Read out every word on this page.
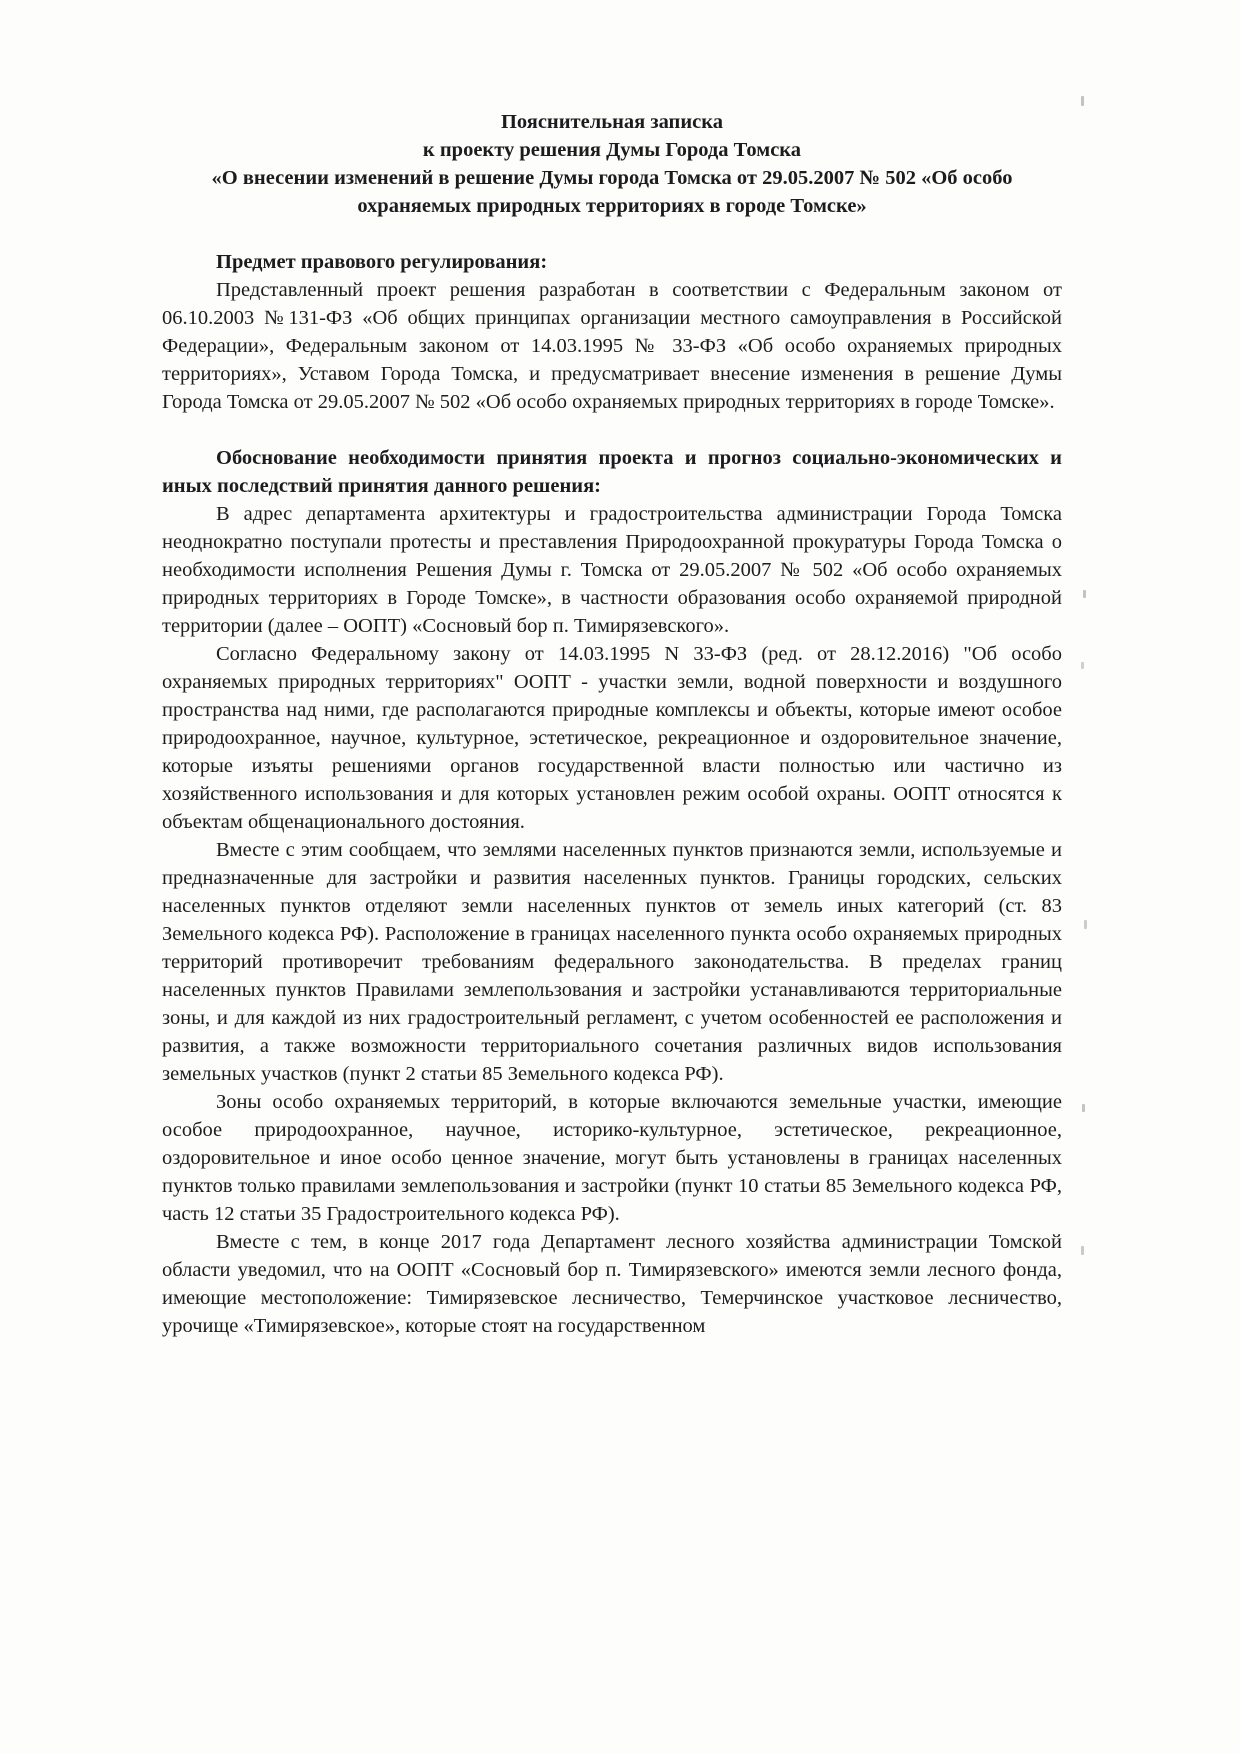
Пояснительная записка
к проекту решения Думы Города Томска
«О внесении изменений в решение Думы города Томска от 29.05.2007 № 502 «Об особо охраняемых природных территориях в городе Томске»
Предмет правового регулирования:

Представленный проект решения разработан в соответствии с Федеральным законом от 06.10.2003 №131-ФЗ «Об общих принципах организации местного самоуправления в Российской Федерации», Федеральным законом от 14.03.1995 № 33-ФЗ «Об особо охраняемых природных территориях», Уставом Города Томска, и предусматривает внесение изменения в решение Думы Города Томска от 29.05.2007 № 502 «Об особо охраняемых природных территориях в городе Томске».

Обоснование необходимости принятия проекта и прогноз социально-экономических и иных последствий принятия данного решения:

В адрес департамента архитектуры и градостроительства администрации Города Томска неоднократно поступали протесты и преставления Природоохранной прокуратуры Города Томска о необходимости исполнения Решения Думы г. Томска от 29.05.2007 № 502 «Об особо охраняемых природных территориях в Городе Томске», в частности образования особо охраняемой природной территории (далее – ООПТ) «Сосновый бор п. Тимирязевского».

Согласно Федеральному закону от 14.03.1995 N 33-ФЗ (ред. от 28.12.2016) "Об особо охраняемых природных территориях" ООПТ - участки земли, водной поверхности и воздушного пространства над ними, где располагаются природные комплексы и объекты, которые имеют особое природоохранное, научное, культурное, эстетическое, рекреационное и оздоровительное значение, которые изъяты решениями органов государственной власти полностью или частично из хозяйственного использования и для которых установлен режим особой охраны. ООПТ относятся к объектам общенационального достояния.

Вместе с этим сообщаем, что землями населенных пунктов признаются земли, используемые и предназначенные для застройки и развития населенных пунктов. Границы городских, сельских населенных пунктов отделяют земли населенных пунктов от земель иных категорий (ст. 83 Земельного кодекса РФ). Расположение в границах населенного пункта особо охраняемых природных территорий противоречит требованиям федерального законодательства. В пределах границ населенных пунктов Правилами землепользования и застройки устанавливаются территориальные зоны, и для каждой из них градостроительный регламент, с учетом особенностей ее расположения и развития, а также возможности территориального сочетания различных видов использования земельных участков (пункт 2 статьи 85 Земельного кодекса РФ).

Зоны особо охраняемых территорий, в которые включаются земельные участки, имеющие особое природоохранное, научное, историко-культурное, эстетическое, рекреационное, оздоровительное и иное особо ценное значение, могут быть установлены в границах населенных пунктов только правилами землепользования и застройки (пункт 10 статьи 85 Земельного кодекса РФ, часть 12 статьи 35 Градостроительного кодекса РФ).

Вместе с тем, в конце 2017 года Департамент лесного хозяйства администрации Томской области уведомил, что на ООПТ «Сосновый бор п. Тимирязевского» имеются земли лесного фонда, имеющие местоположение: Тимирязевское лесничество, Темерчинское участковое лесничество, урочище «Тимирязевское», которые стоят на государственном
